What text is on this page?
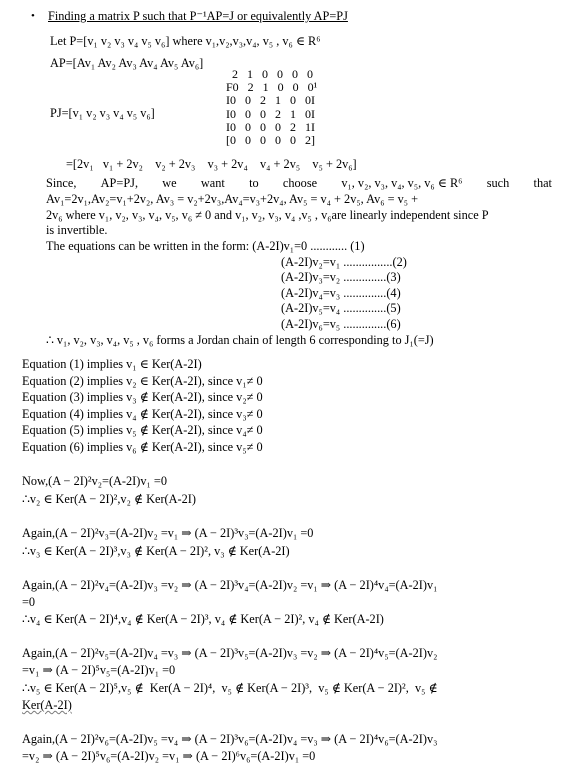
• Finding a matrix P such that P⁻¹AP=J or equivalently AP=PJ
Let P=[v₁ v₂ v₃ v₄ v₅ v₆] where v₁,v₂,v₃,v₄, v₅ , v₆ ∈ R⁶
AP=[Av₁ Av₂ Av₃ Av₄ Av₅ Av₆]
2   1   0   0   0   0
F0   2   1   0   0   0¹
I0   0   2   1   0   0I
I0   0   0   2   1   0I
I0   0   0   0   2   1I
[0   0   0   0   0   2]
PJ=[v₁ v₂ v₃ v₄ v₅ v₆]
=[2v₁   v₁ + 2v₂    v₂ + 2v₃    v₃ + 2v₄    v₄ + 2v₅    v₅ + 2v₆]
Since, AP=PJ, we want to choose v₁, v₂, v₃, v₄, v₅, v₆ ∈ R⁶ such that
Av₁=2v₁,Av₂=v₁+2v₂, Av₃ = v₂+2v₃,Av₄=v₃+2v₄, Av₅ = v₄ + 2v₅, Av₆ = v₅ +
2v₆ where v₁, v₂, v₃, v₄, v₅, v₆ ≠ 0 and v₁, v₂, v₃, v₄ ,v₅ , v₆are linearly independent since P
is invertible.
The equations can be written in the form: (A-2I)v₁=0 ............ (1)
(A-2I)v₂=v₁ ................(2)
(A-2I)v₃=v₂ ..............(3)
(A-2I)v₄=v₃ ..............(4)
(A-2I)v₅=v₄ ..............(5)
(A-2I)v₆=v₅ ..............(6)
∴ v₁, v₂, v₃, v₄, v₅ , v₆ forms a Jordan chain of length 6 corresponding to J₁(=J)
Equation (1) implies v₁ ∈ Ker(A-2I)
Equation (2) implies v₂ ∈ Ker(A-2I), since v₁≠ 0
Equation (3) implies v₃ ∉ Ker(A-2I), since v₂≠ 0
Equation (4) implies v₄ ∉ Ker(A-2I), since v₃≠ 0
Equation (5) implies v₅ ∉ Ker(A-2I), since v₄≠ 0
Equation (6) implies v₆ ∉ Ker(A-2I), since v₅≠ 0
Now,(A − 2I)²v₂=(A-2I)v₁ =0
∴v₂ ∈ Ker(A − 2I)²,v₂ ∉ Ker(A-2I)
Again,(A − 2I)²v₃=(A-2I)v₂ =v₁ ⇒ (A − 2I)³v₃=(A-2I)v₁ =0
∴v₃ ∈ Ker(A − 2I)³,v₃ ∉ Ker(A − 2I)², v₃ ∉ Ker(A-2I)
Again,(A − 2I)²v₄=(A-2I)v₃ =v₂ ⇒ (A − 2I)³v₄=(A-2I)v₂ =v₁ ⇒ (A − 2I)⁴v₄=(A-2I)v₁
=0
∴v₄ ∈ Ker(A − 2I)⁴,v₄ ∉ Ker(A − 2I)³, v₄ ∉ Ker(A − 2I)², v₄ ∉ Ker(A-2I)
Again,(A − 2I)²v₅=(A-2I)v₄ =v₃ ⇒ (A − 2I)³v₅=(A-2I)v₃ =v₂ ⇒ (A − 2I)⁴v₅=(A-2I)v₂
=v₁ ⇒ (A − 2I)⁵v₅=(A-2I)v₁ =0
∴v₅ ∈ Ker(A − 2I)⁵,v₅ ∉  Ker(A − 2I)⁴,  v₅ ∉ Ker(A − 2I)³,  v₅ ∉ Ker(A − 2I)²,  v₅ ∉
Ker(A-2I)
Again,(A − 2I)²v₆=(A-2I)v₅ =v₄ ⇒ (A − 2I)³v₆=(A-2I)v₄ =v₃ ⇒ (A − 2I)⁴v₆=(A-2I)v₃
=v₂ ⇒ (A − 2I)⁵v₆=(A-2I)v₂ =v₁ ⇒ (A − 2I)⁶v₆=(A-2I)v₁ =0
